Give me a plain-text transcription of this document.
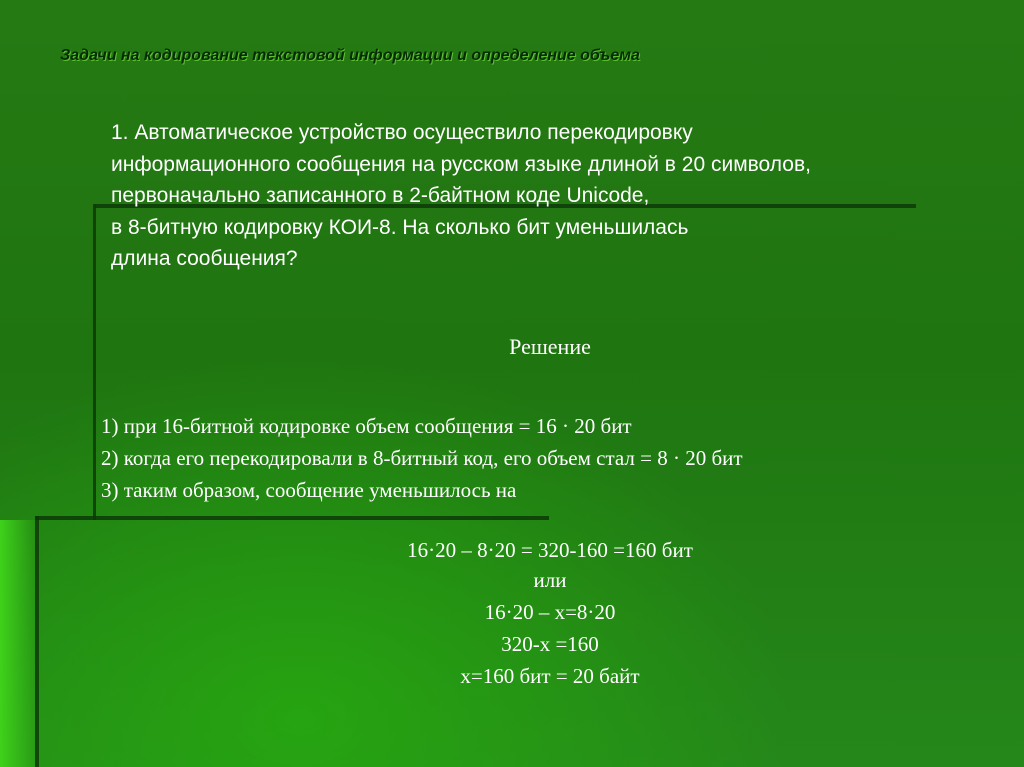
Задачи на кодирование текстовой информации и определение объема
1. Автоматическое устройство осуществило перекодировку
информационного сообщения на русском языке длиной в 20 символов,
первоначально записанного в 2-байтном коде Unicode,
в 8-битную кодировку КОИ-8. На сколько бит уменьшилась
длина сообщения?
Решение
1) при 16-битной кодировке объем сообщения = 16 · 20 бит
2) когда его перекодировали в 8-битный код, его объем стал = 8 · 20 бит
3) таким образом, сообщение уменьшилось на
16·20 – 8·20 = 320-160 =160 бит
или
16·20 – x=8·20
320-x =160
x=160 бит = 20 байт
